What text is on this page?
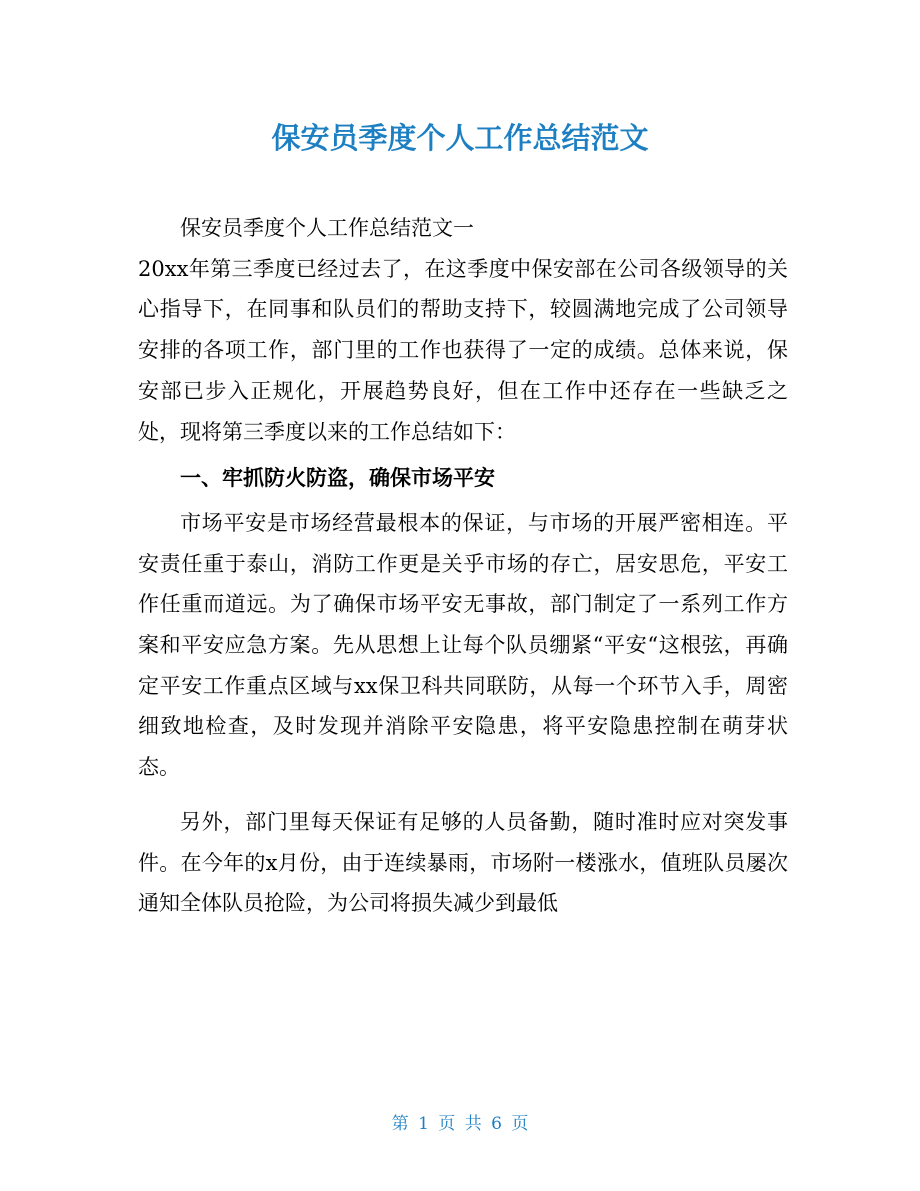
保安员季度个人工作总结范文

保安员季度个人工作总结范文一

20xx年第三季度已经过去了，在这季度中保安部在公司各级领导的关心指导下，在同事和队员们的帮助支持下，较圆满地完成了公司领导安排的各项工作，部门里的工作也获得了一定的成绩。总体来说，保安部已步入正规化，开展趋势良好，但在工作中还存在一些缺乏之处，现将第三季度以来的工作总结如下：

一、牢抓防火防盗，确保市场平安

市场平安是市场经营最根本的保证，与市场的开展严密相连。平安责任重于泰山，消防工作更是关乎市场的存亡，居安思危，平安工作任重而道远。为了确保市场平安无事故，部门制定了一系列工作方案和平安应急方案。先从思想上让每个队员绷紧“平安“这根弦，再确定平安工作重点区域与xx保卫科共同联防，从每一个环节入手，周密细致地检查，及时发现并消除平安隐患，将平安隐患控制在萌芽状态。

另外，部门里每天保证有足够的人员备勤，随时准时应对突发事件。在今年的x月份，由于连续暴雨，市场附一楼涨水，值班队员屡次通知全体队员抢险，为公司将损失减少到最低

第 1 页 共 6 页
